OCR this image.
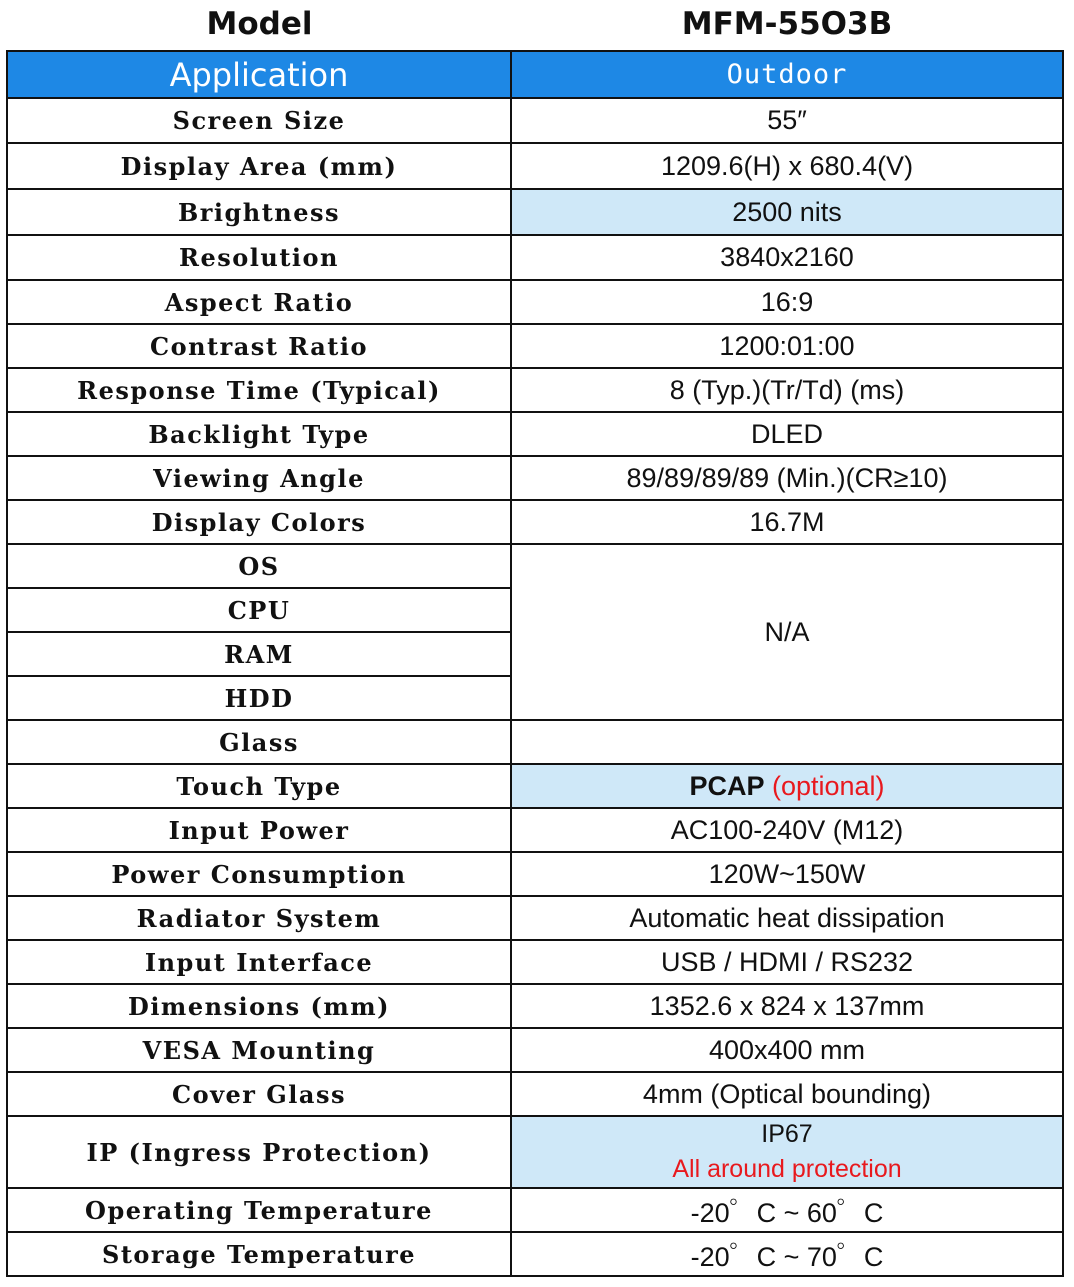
Model	MFM-55O3B
Application	Outdoor
Screen Size	55″
Display Area (mm)	1209.6(H) x 680.4(V)
Brightness	2500 nits
Resolution	3840x2160
Aspect Ratio	16:9
Contrast Ratio	1200:01:00
Response Time (Typical)	8 (Typ.)(Tr/Td) (ms)
Backlight Type	DLED
Viewing Angle	89/89/89/89 (Min.)(CR≥10)
Display Colors	16.7M
OS	N/A
CPU	
RAM	
HDD	
Glass	
Touch Type	PCAP (optional)
Input Power	AC100-240V (M12)
Power Consumption	120W~150W
Radiator System	Automatic heat dissipation
Input Interface	USB / HDMI / RS232
Dimensions (mm)	1352.6 x 824 x 137mm
VESA Mounting	400x400 mm
Cover Glass	4mm (Optical bounding)
IP (Ingress Protection)	IP67
All around protection

Operating Temperature	-20゜C ~ 60゜C
Storage Temperature	-20゜C ~ 70゜C
